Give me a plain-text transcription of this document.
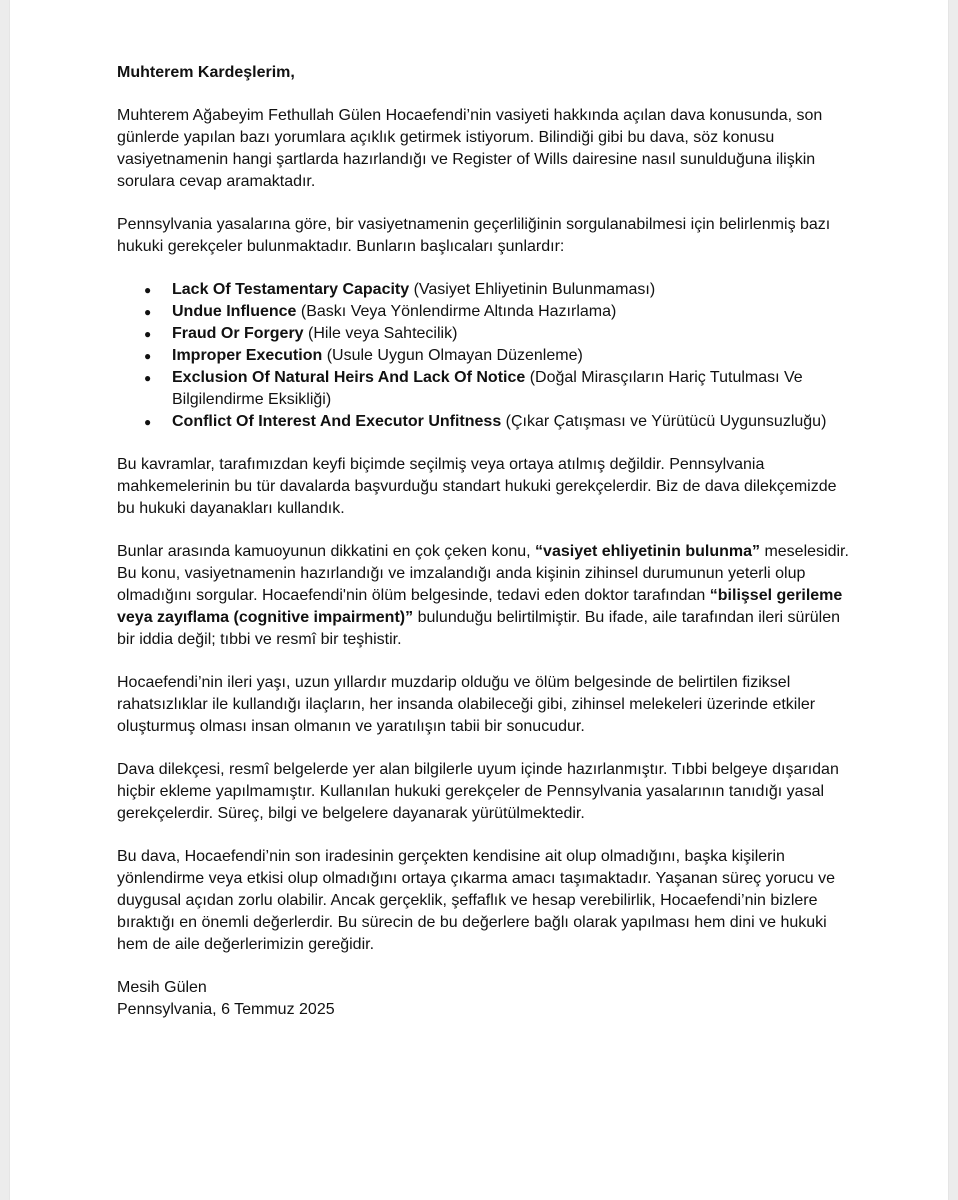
Muhterem Kardeşlerim,

Muhterem Ağabeyim Fethullah Gülen Hocaefendi’nin vasiyeti hakkında açılan dava konusunda, son günlerde yapılan bazı yorumlara açıklık getirmek istiyorum. Bilindiği gibi bu dava, söz konusu vasiyetnamenin hangi şartlarda hazırlandığı ve Register of Wills dairesine nasıl sunulduğuna ilişkin sorulara cevap aramaktadır.

Pennsylvania yasalarına göre, bir vasiyetnamenin geçerliliğinin sorgulanabilmesi için belirlenmiş bazı hukuki gerekçeler bulunmaktadır. Bunların başlıcaları şunlardır:

● Lack Of Testamentary Capacity (Vasiyet Ehliyetinin Bulunmaması)
● Undue Influence (Baskı Veya Yönlendirme Altında Hazırlama)
● Fraud Or Forgery (Hile veya Sahtecilik)
● Improper Execution (Usule Uygun Olmayan Düzenleme)
● Exclusion Of Natural Heirs And Lack Of Notice (Doğal Mirasçıların Hariç Tutulması Ve Bilgilendirme Eksikliği)
● Conflict Of Interest And Executor Unfitness (Çıkar Çatışması ve Yürütücü Uygunsuzluğu)

Bu kavramlar, tarafımızdan keyfi biçimde seçilmiş veya ortaya atılmış değildir. Pennsylvania mahkemelerinin bu tür davalarda başvurduğu standart hukuki gerekçelerdir. Biz de dava dilekçemizde bu hukuki dayanakları kullandık.

Bunlar arasında kamuoyunun dikkatini en çok çeken konu, “vasiyet ehliyetinin bulunma” meselesidir. Bu konu, vasiyetnamenin hazırlandığı ve imzalandığı anda kişinin zihinsel durumunun yeterli olup olmadığını sorgular. Hocaefendi'nin ölüm belgesinde, tedavi eden doktor tarafından “bilişsel gerileme veya zayıflama (cognitive impairment)” bulunduğu belirtilmiştir. Bu ifade, aile tarafından ileri sürülen bir iddia değil; tıbbi ve resmî bir teşhistir.

Hocaefendi’nin ileri yaşı, uzun yıllardır muzdarip olduğu ve ölüm belgesinde de belirtilen fiziksel rahatsızlıklar ile kullandığı ilaçların, her insanda olabileceği gibi, zihinsel melekeleri üzerinde etkiler oluşturmuş olması insan olmanın ve yaratılışın tabii bir sonucudur.

Dava dilekçesi, resmî belgelerde yer alan bilgilerle uyum içinde hazırlanmıştır. Tıbbi belgeye dışarıdan hiçbir ekleme yapılmamıştır. Kullanılan hukuki gerekçeler de Pennsylvania yasalarının tanıdığı yasal gerekçelerdir. Süreç, bilgi ve belgelere dayanarak yürütülmektedir.

Bu dava, Hocaefendi’nin son iradesinin gerçekten kendisine ait olup olmadığını, başka kişilerin yönlendirme veya etkisi olup olmadığını ortaya çıkarma amacı taşımaktadır. Yaşanan süreç yorucu ve duygusal açıdan zorlu olabilir. Ancak gerçeklik, şeffaflık ve hesap verebilirlik, Hocaefendi’nin bizlere bıraktığı en önemli değerlerdir. Bu sürecin de bu değerlere bağlı olarak yapılması hem dini ve hukuki hem de aile değerlerimizin gereğidir.

Mesih Gülen
Pennsylvania, 6 Temmuz 2025
